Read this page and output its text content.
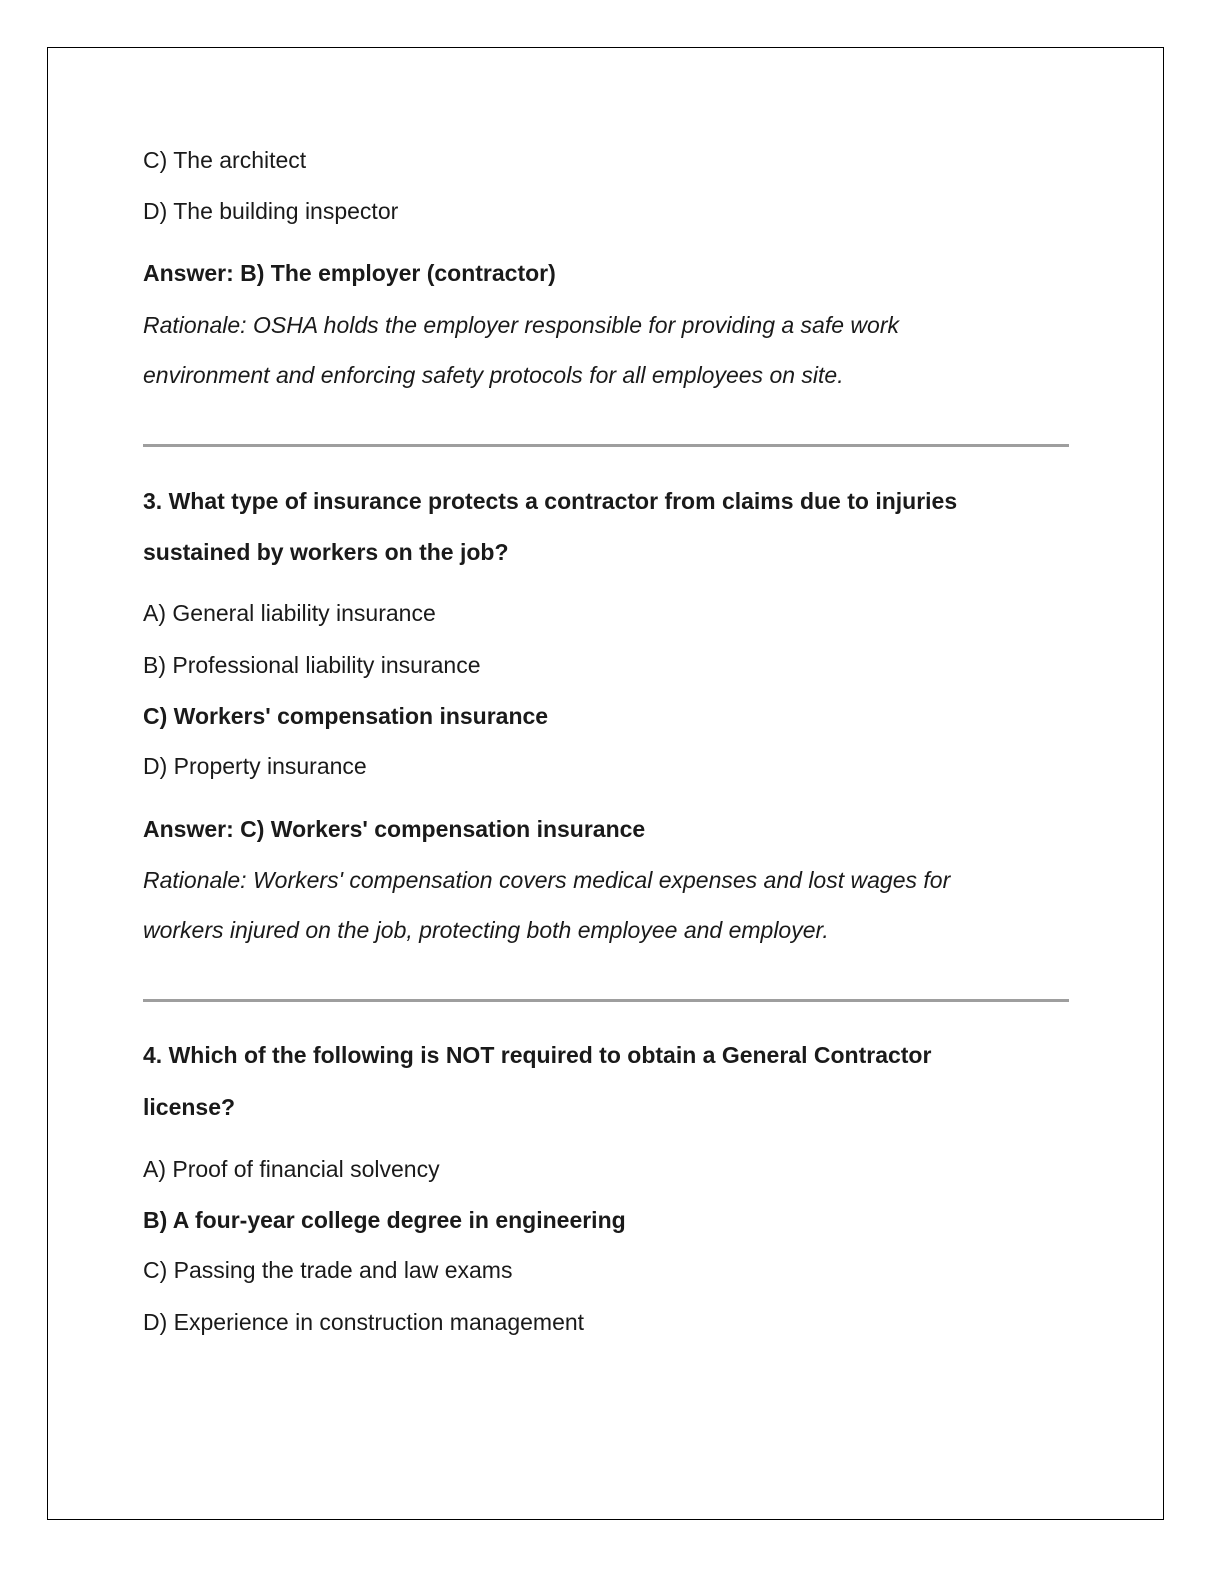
C) The architect

D) The building inspector

Answer: B) The employer (contractor)

Rationale: OSHA holds the employer responsible for providing a safe work

environment and enforcing safety protocols for all employees on site.

3. What type of insurance protects a contractor from claims due to injuries

sustained by workers on the job?

A) General liability insurance

B) Professional liability insurance

C) Workers' compensation insurance

D) Property insurance

Answer: C) Workers' compensation insurance

Rationale: Workers' compensation covers medical expenses and lost wages for

workers injured on the job, protecting both employee and employer.

4. Which of the following is NOT required to obtain a General Contractor

license?

A) Proof of financial solvency

B) A four-year college degree in engineering

C) Passing the trade and law exams

D) Experience in construction management
